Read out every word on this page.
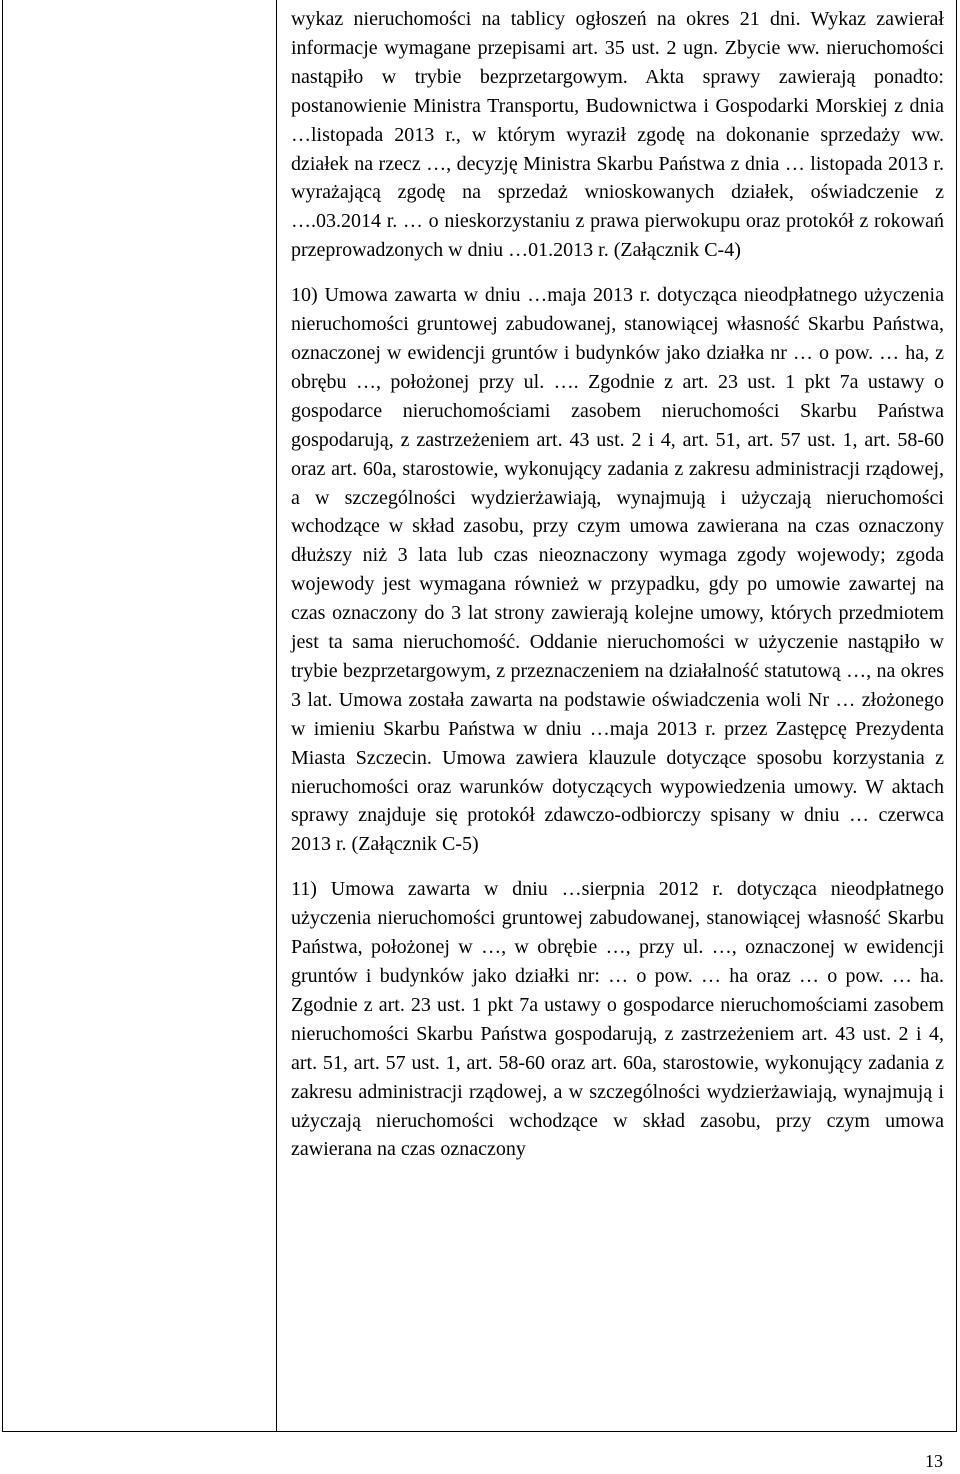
wykaz nieruchomości na tablicy ogłoszeń na okres 21 dni. Wykaz zawierał informacje wymagane przepisami art. 35 ust. 2 ugn. Zbycie ww. nieruchomości nastąpiło w trybie bezprzetargowym. Akta sprawy zawierają ponadto: postanowienie Ministra Transportu, Budownictwa i Gospodarki Morskiej z dnia …listopada 2013 r., w którym wyraził zgodę na dokonanie sprzedaży ww. działek na rzecz …, decyzję Ministra Skarbu Państwa z dnia … listopada 2013 r. wyrażającą zgodę na sprzedaż wnioskowanych działek, oświadczenie z ….03.2014 r. … o nieskorzystaniu z prawa pierwokupu oraz protokół z rokowań przeprowadzonych w dniu …01.2013 r. (Załącznik C-4)

10) Umowa zawarta w dniu …maja 2013 r. dotycząca nieodpłatnego użyczenia nieruchomości gruntowej zabudowanej, stanowiącej własność Skarbu Państwa, oznaczonej w ewidencji gruntów i budynków jako działka nr … o pow. … ha, z obrębu …, położonej przy ul. …. Zgodnie z art. 23 ust. 1 pkt 7a ustawy o gospodarce nieruchomościami zasobem nieruchomości Skarbu Państwa gospodarują, z zastrzeżeniem art. 43 ust. 2 i 4, art. 51, art. 57 ust. 1, art. 58-60 oraz art. 60a, starostowie, wykonujący zadania z zakresu administracji rządowej, a w szczególności wydzierżawiają, wynajmują i użyczają nieruchomości wchodzące w skład zasobu, przy czym umowa zawierana na czas oznaczony dłuższy niż 3 lata lub czas nieoznaczony wymaga zgody wojewody; zgoda wojewody jest wymagana również w przypadku, gdy po umowie zawartej na czas oznaczony do 3 lat strony zawierają kolejne umowy, których przedmiotem jest ta sama nieruchomość. Oddanie nieruchomości w użyczenie nastąpiło w trybie bezprzetargowym, z przeznaczeniem na działalność statutową …, na okres 3 lat. Umowa została zawarta na podstawie oświadczenia woli Nr … złożonego w imieniu Skarbu Państwa w dniu …maja 2013 r. przez Zastępcę Prezydenta Miasta Szczecin. Umowa zawiera klauzule dotyczące sposobu korzystania z nieruchomości oraz warunków dotyczących wypowiedzenia umowy. W aktach sprawy znajduje się protokół zdawczo-odbiorczy spisany w dniu … czerwca 2013 r. (Załącznik C-5)

11) Umowa zawarta w dniu …sierpnia 2012 r. dotycząca nieodpłatnego użyczenia nieruchomości gruntowej zabudowanej, stanowiącej własność Skarbu Państwa, położonej w …, w obrębie …, przy ul. …, oznaczonej w ewidencji gruntów i budynków jako działki nr: … o pow. … ha oraz … o pow. … ha. Zgodnie z art. 23 ust. 1 pkt 7a ustawy o gospodarce nieruchomościami zasobem nieruchomości Skarbu Państwa gospodarują, z zastrzeżeniem art. 43 ust. 2 i 4, art. 51, art. 57 ust. 1, art. 58-60 oraz art. 60a, starostowie, wykonujący zadania z zakresu administracji rządowej, a w szczególności wydzierżawiają, wynajmują i użyczają nieruchomości wchodzące w skład zasobu, przy czym umowa zawierana na czas oznaczony

13
